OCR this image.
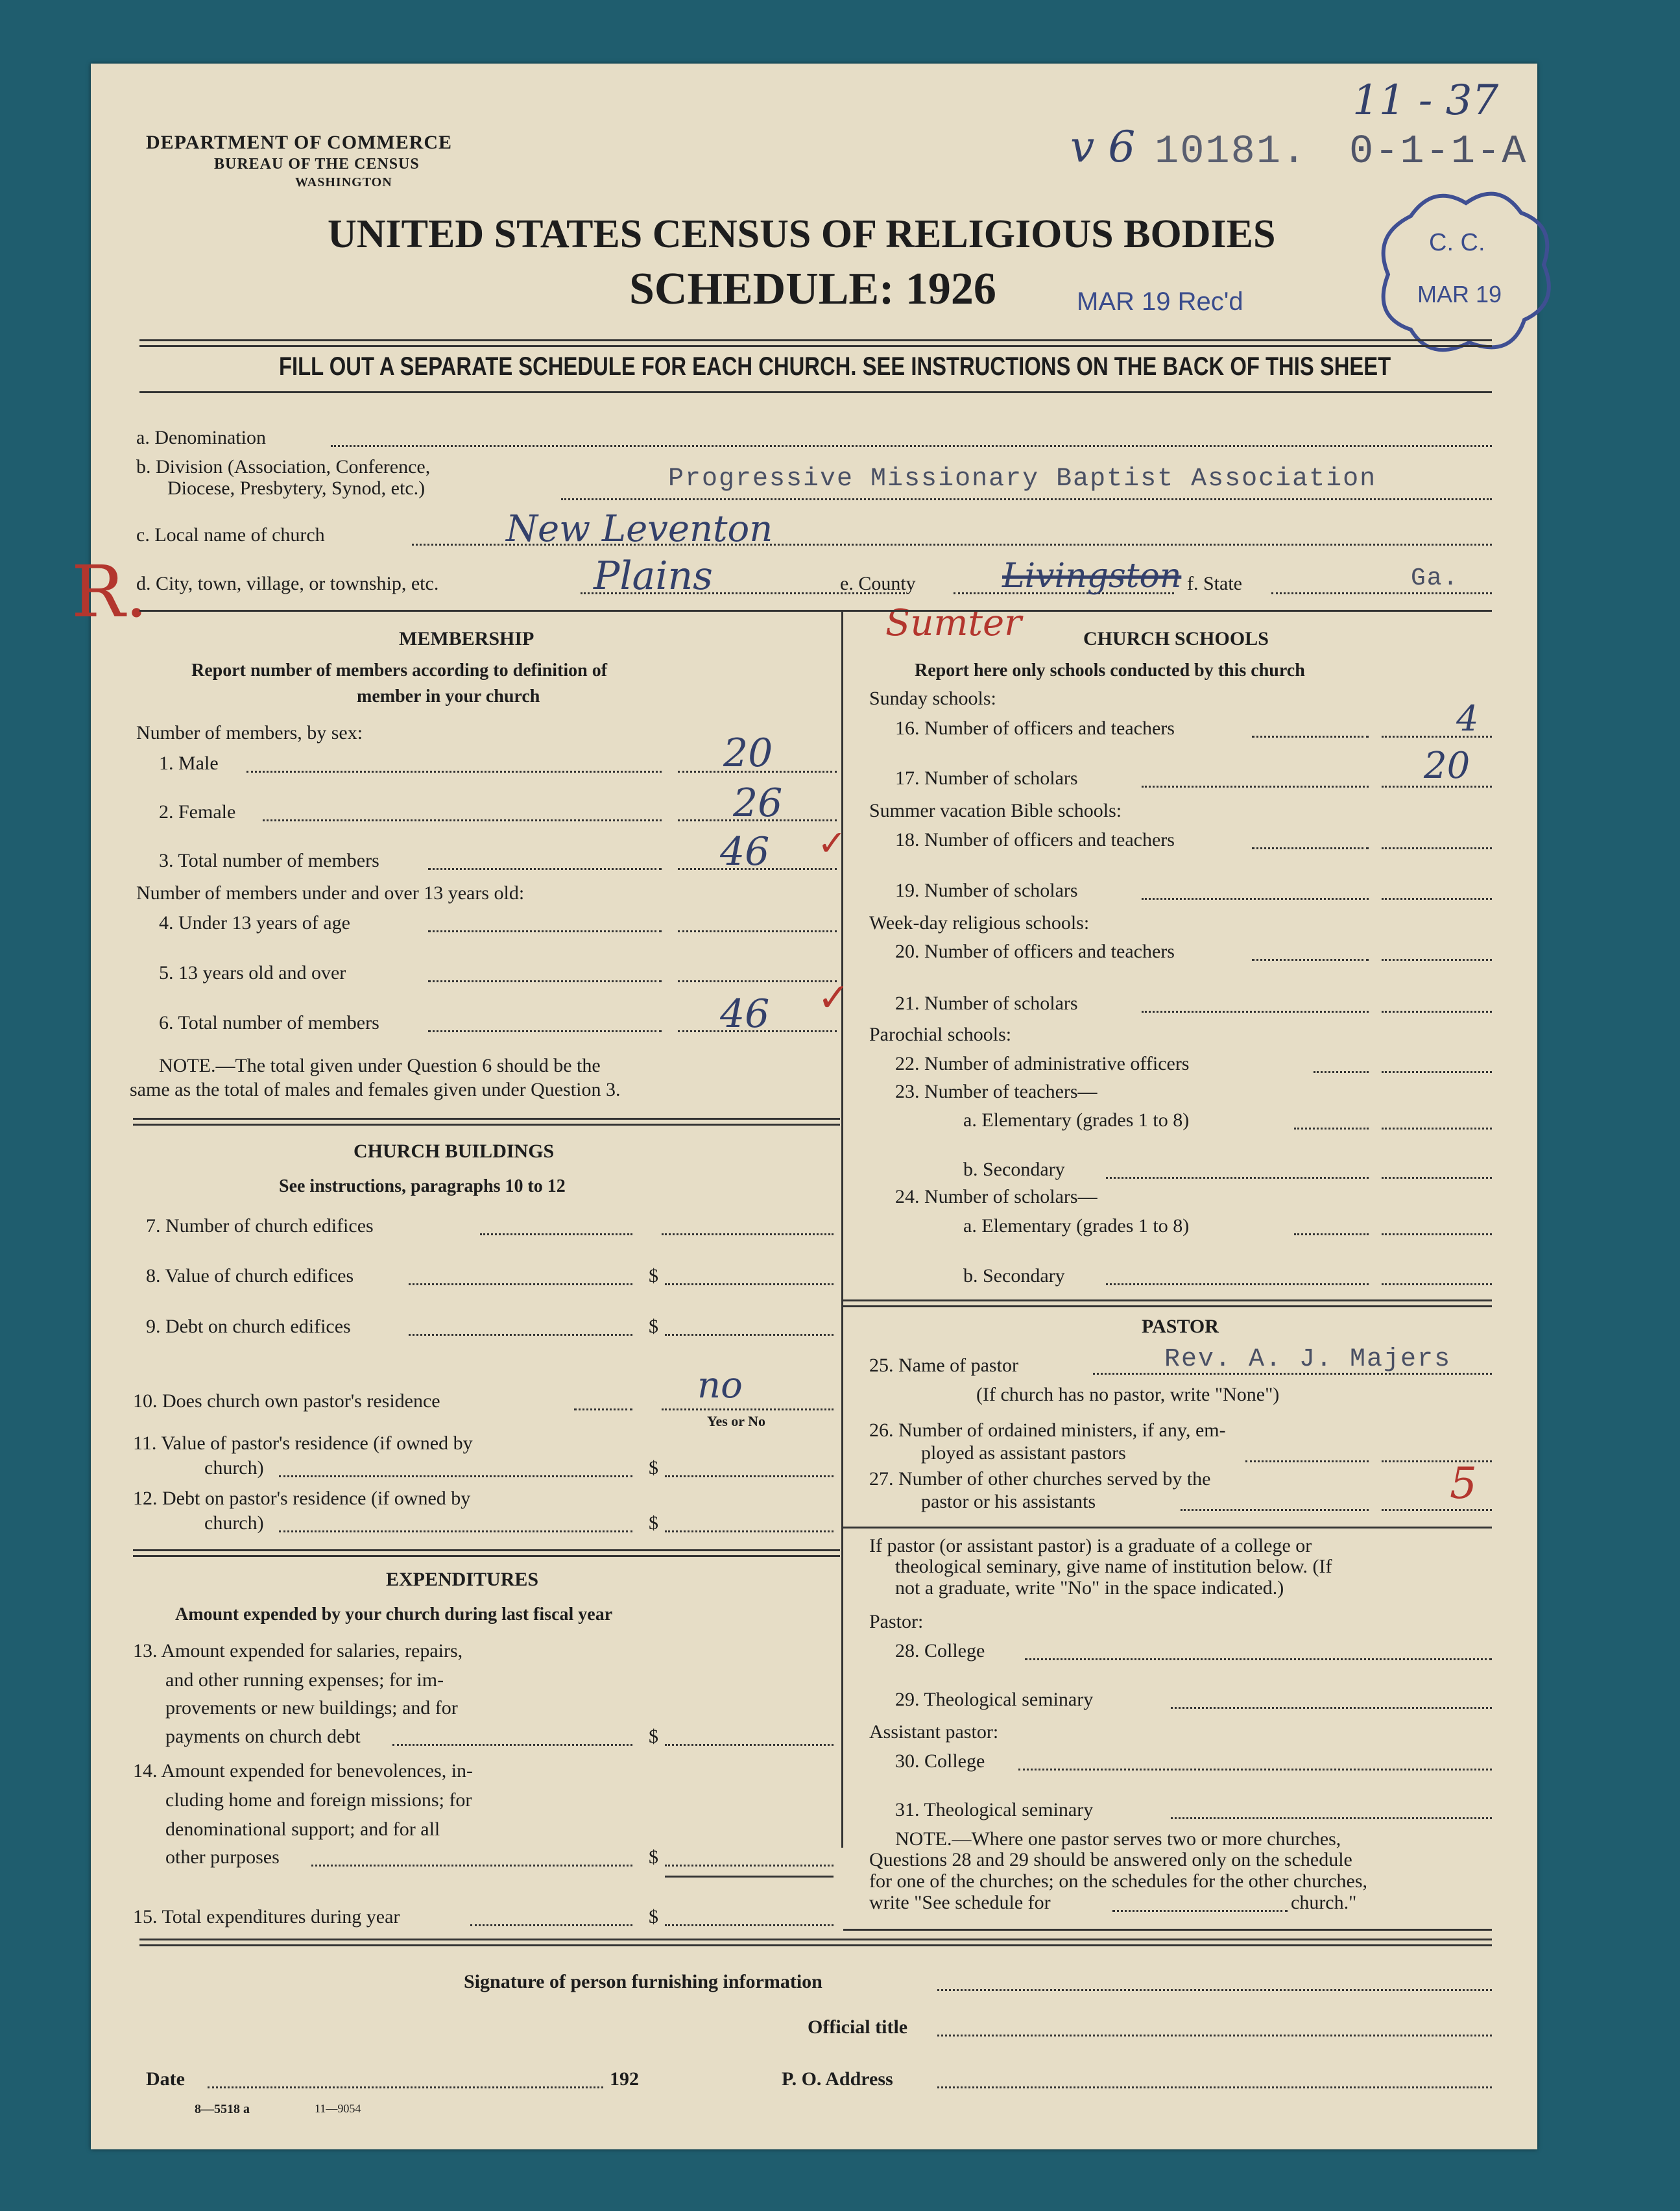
DEPARTMENT OF COMMERCE
BUREAU OF THE CENSUS
WASHINGTON
UNITED STATES CENSUS OF RELIGIOUS BODIES
SCHEDULE: 1926
10181. 0-1-1-A
11 - 37
v 6
MAR 19 Rec'd
C. C.
MAR 19
FILL OUT A SEPARATE SCHEDULE FOR EACH CHURCH. SEE INSTRUCTIONS ON THE BACK OF THIS SHEET
a. Denomination
b. Division (Association, Conference,
Diocese, Presbytery, Synod, etc.)	Progressive Missionary Baptist Association
c. Local name of church	New Leventon
R.
d. City, town, village, or township, etc.	Plains	e. County	Livingston
Sumter
f. State	Ga.
MEMBERSHIP
Report number of members according to definition of
member in your church
Number of members, by sex:
1. Male	20
2. Female	26
3. Total number of members	46 ✓
Number of members under and over 13 years old:
4. Under 13 years of age
5. 13 years old and over
6. Total number of members	46 ✓
NOTE.—The total given under Question 6 should be the
same as the total of males and females given under Question 3.
CHURCH BUILDINGS
See instructions, paragraphs 10 to 12
7. Number of church edifices
8. Value of church edifices	$
9. Debt on church edifices	$
10. Does church own pastor's residence	no
Yes or No
11. Value of pastor's residence (if owned by
church)	$
12. Debt on pastor's residence (if owned by
church)	$
EXPENDITURES
Amount expended by your church during last fiscal year
13. Amount expended for salaries, repairs,
and other running expenses; for im-
provements or new buildings; and for
payments on church debt	$
14. Amount expended for benevolences, in-
cluding home and foreign missions; for
denominational support; and for all
other purposes	$
15. Total expenditures during year	$
CHURCH SCHOOLS
Report here only schools conducted by this church
Sunday schools:
16. Number of officers and teachers	4
17. Number of scholars	20
Summer vacation Bible schools:
18. Number of officers and teachers
19. Number of scholars
Week-day religious schools:
20. Number of officers and teachers
21. Number of scholars
Parochial schools:
22. Number of administrative officers
23. Number of teachers—
a. Elementary (grades 1 to 8)
b. Secondary
24. Number of scholars—
a. Elementary (grades 1 to 8)
b. Secondary
PASTOR
25. Name of pastor	Rev. A. J. Majers
(If church has no pastor, write "None")
26. Number of ordained ministers, if any, em-
ployed as assistant pastors
27. Number of other churches served by the
pastor or his assistants	5
If pastor (or assistant pastor) is a graduate of a college or
theological seminary, give name of institution below. (If
not a graduate, write "No" in the space indicated.)
Pastor:
28. College
29. Theological seminary
Assistant pastor:
30. College
31. Theological seminary
NOTE.—Where one pastor serves two or more churches,
Questions 28 and 29 should be answered only on the schedule
for one of the churches; on the schedules for the other churches,
write "See schedule for	church."
Signature of person furnishing information
Official title
Date	192	P. O. Address
8—5518 a	11—9054
